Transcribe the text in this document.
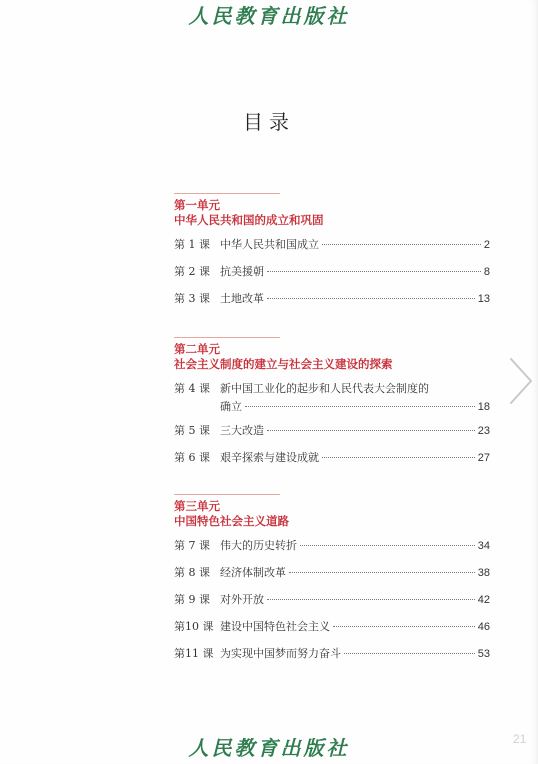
人民教育出版社
目录
第一单元
中华人民共和国的成立和巩固
第 1 课 中华人民共和国成立	2
第 2 课 抗美援朝	8
第 3 课 土地改革	13
第二单元
社会主义制度的建立与社会主义建设的探索
第 4 课 新中国工业化的起步和人民代表大会制度的
确立	18
第 5 课 三大改造	23
第 6 课 艰辛探索与建设成就	27
第三单元
中国特色社会主义道路
第 7 课 伟大的历史转折	34
第 8 课 经济体制改革	38
第 9 课 对外开放	42
第10 课 建设中国特色社会主义	46
第11 课 为实现中国梦而努力奋斗	53
人民教育出版社	21
